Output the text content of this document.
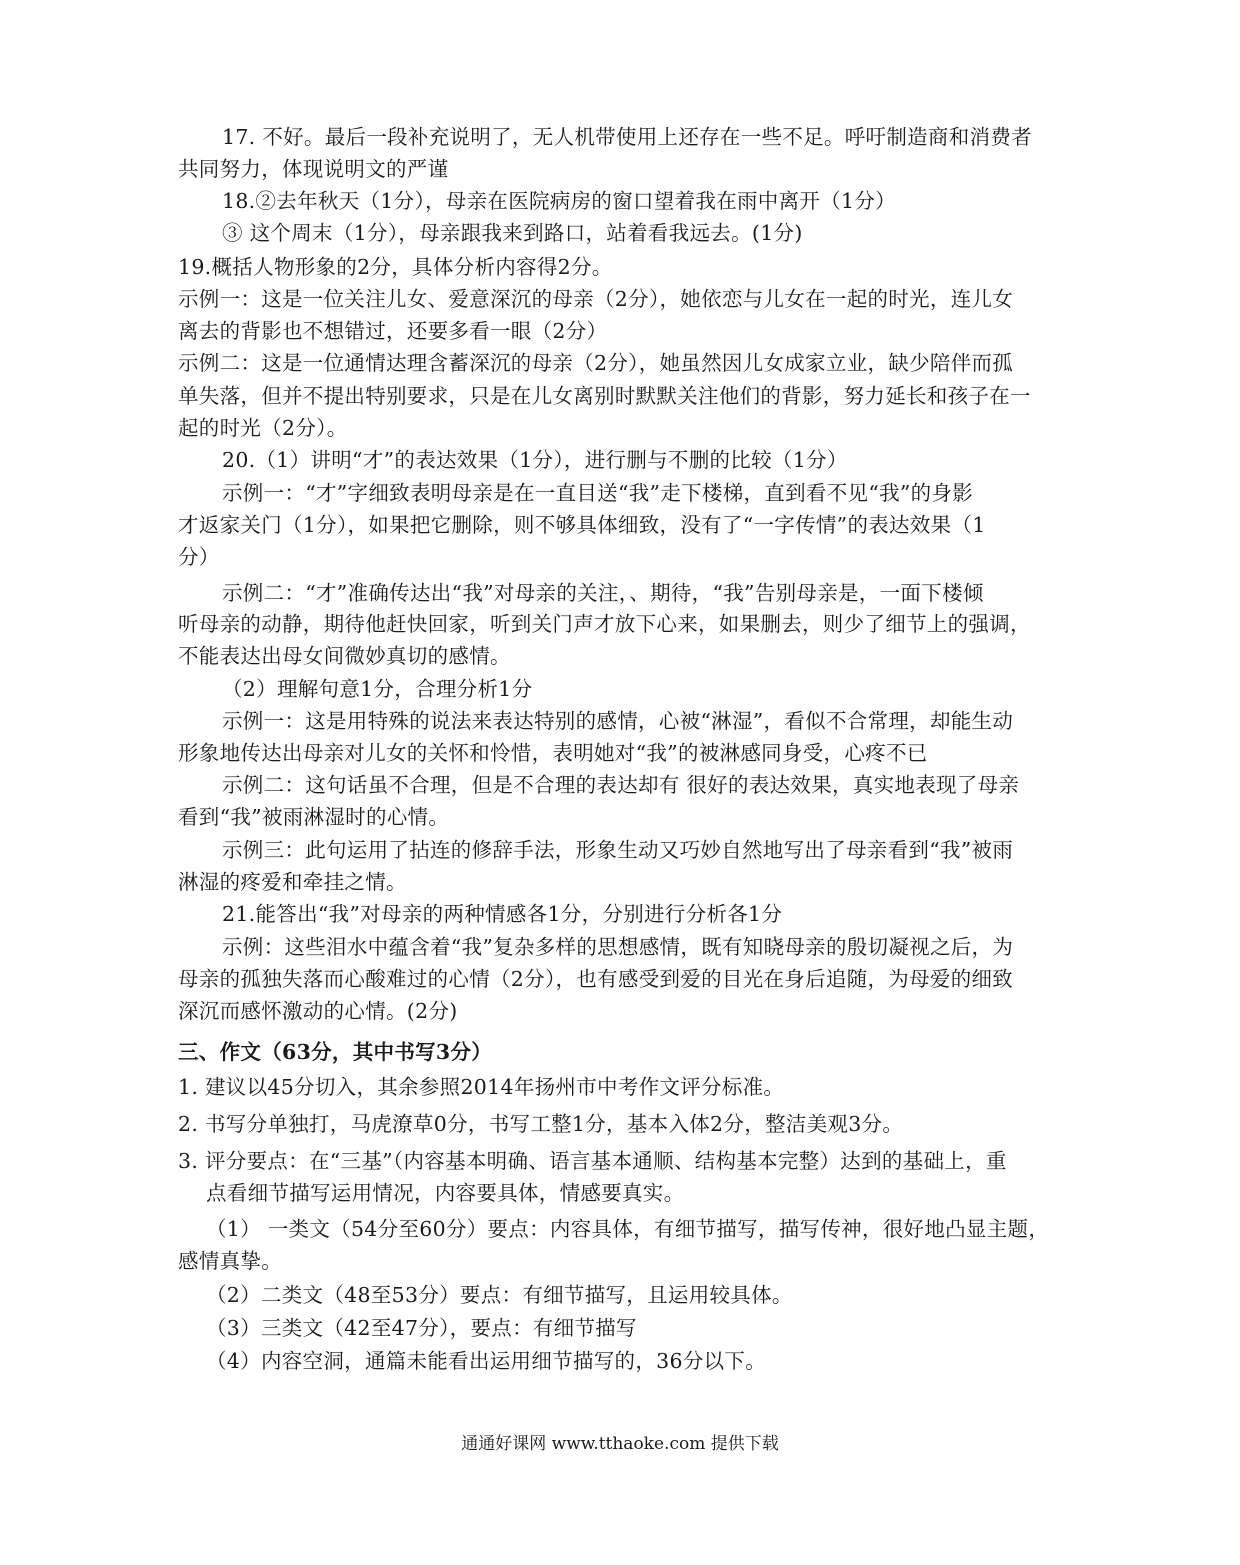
17. 不好。最后一段补充说明了，无人机带使用上还存在一些不足。呼吁制造商和消费者
共同努力，体现说明文的严谨
18.②去年秋天（1分），母亲在医院病房的窗口望着我在雨中离开（1分）
③ 这个周末（1分），母亲跟我来到路口，站着看我远去。(1分)
19.概括人物形象的2分，具体分析内容得2分。
示例一：这是一位关注儿女、爱意深沉的母亲（2分），她依恋与儿女在一起的时光，连儿女
离去的背影也不想错过，还要多看一眼（2分）
示例二：这是一位通情达理含蓄深沉的母亲（2分），她虽然因儿女成家立业，缺少陪伴而孤
单失落，但并不提出特别要求，只是在儿女离别时默默关注他们的背影，努力延长和孩子在一
起的时光（2分）。
20.（1）讲明“才”的表达效果（1分），进行删与不删的比较（1分）
示例一：“才”字细致表明母亲是在一直目送“我”走下楼梯，直到看不见“我”的身影
才返家关门（1分），如果把它删除，则不够具体细致，没有了“一字传情”的表达效果（1
分）
示例二：“才”准确传达出“我”对母亲的关注，、期待，“我”告别母亲是，一面下楼倾
听母亲的动静，期待他赶快回家，听到关门声才放下心来，如果删去，则少了细节上的强调，
不能表达出母女间微妙真切的感情。
（2）理解句意1分，合理分析1分
示例一：这是用特殊的说法来表达特别的感情，心被“淋湿”，看似不合常理，却能生动
形象地传达出母亲对儿女的关怀和怜惜，表明她对“我”的被淋感同身受，心疼不已
示例二：这句话虽不合理，但是不合理的表达却有 很好的表达效果，真实地表现了母亲
看到“我”被雨淋湿时的心情。
示例三：此句运用了拈连的修辞手法，形象生动又巧妙自然地写出了母亲看到“我”被雨
淋湿的疼爱和牵挂之情。
21.能答出“我”对母亲的两种情感各1分，分别进行分析各1分
示例：这些泪水中蕴含着“我”复杂多样的思想感情，既有知晓母亲的殷切凝视之后，为
母亲的孤独失落而心酸难过的心情（2分），也有感受到爱的目光在身后追随，为母爱的细致
深沉而感怀激动的心情。(2分)
三、作文（63分，其中书写3分）
1. 建议以45分切入，其余参照2014年扬州市中考作文评分标准。
2. 书写分单独打，马虎潦草0分，书写工整1分，基本入体2分，整洁美观3分。
3. 评分要点：在“三基”（内容基本明确、语言基本通顺、结构基本完整）达到的基础上，重
点看细节描写运用情况，内容要具体，情感要真实。
（1） 一类文（54分至60分）要点：内容具体，有细节描写，描写传神，很好地凸显主题，
感情真挚。
（2）二类文（48至53分）要点：有细节描写，且运用较具体。
（3）三类文（42至47分），要点：有细节描写
（4）内容空洞，通篇未能看出运用细节描写的，36分以下。
通通好课网 www.tthaoke.com 提供下载
